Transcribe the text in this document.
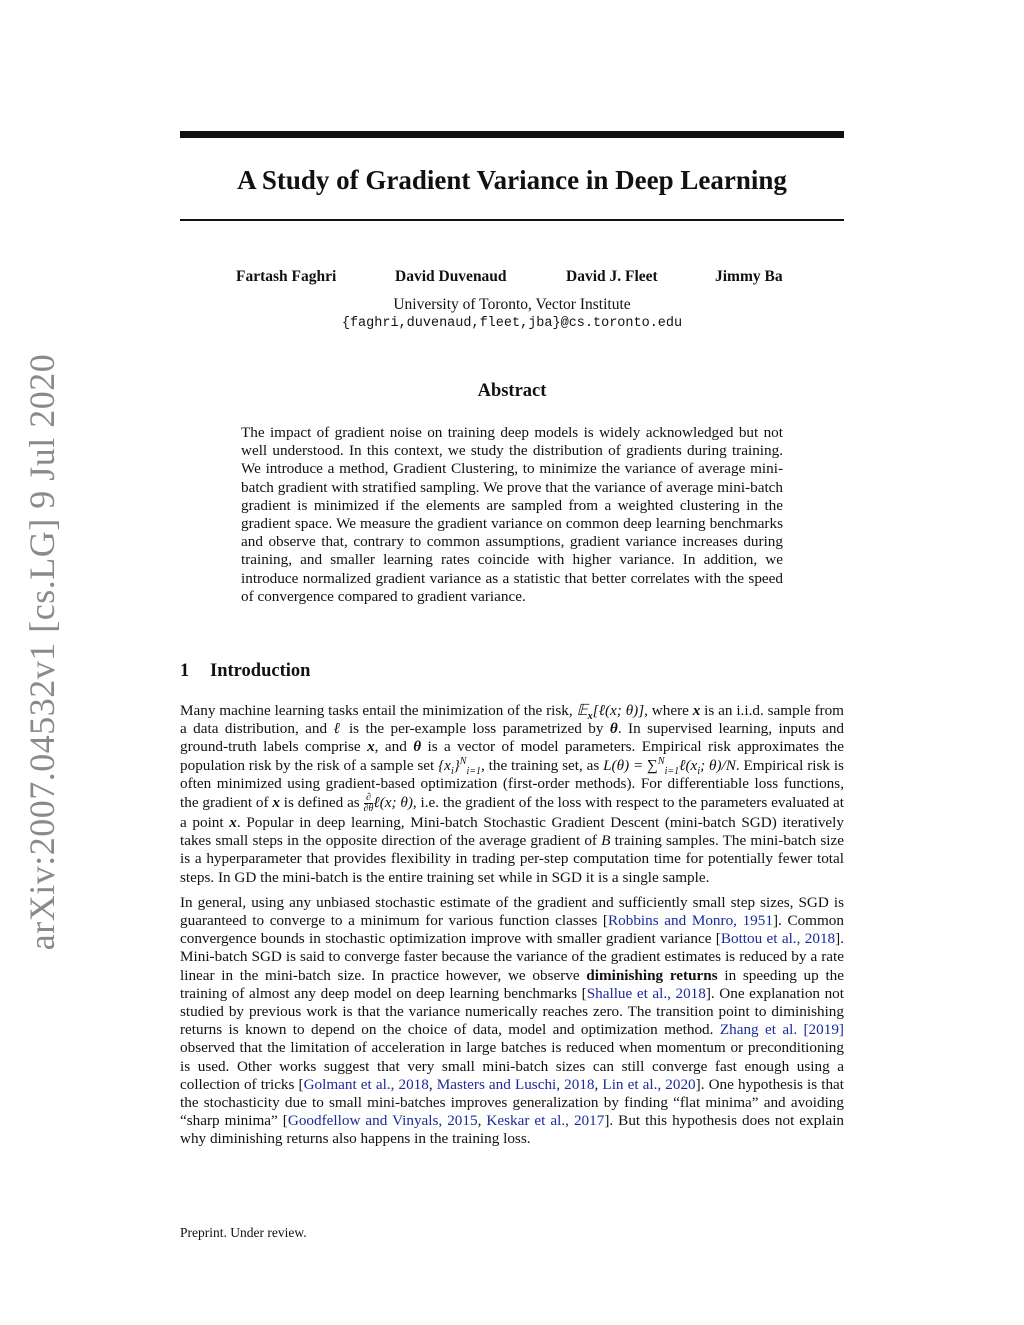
arXiv:2007.04532v1 [cs.LG] 9 Jul 2020
A Study of Gradient Variance in Deep Learning
Fartash Faghri	David Duvenaud	David J. Fleet	Jimmy Ba
University of Toronto, Vector Institute
{faghri,duvenaud,fleet,jba}@cs.toronto.edu
Abstract

The impact of gradient noise on training deep models is widely acknowledged but not well understood. In this context, we study the distribution of gradients during training. We introduce a method, Gradient Clustering, to minimize the variance of average mini-batch gradient with stratified sampling. We prove that the variance of average mini-batch gradient is minimized if the elements are sampled from a weighted clustering in the gradient space. We measure the gradient variance on common deep learning benchmarks and observe that, contrary to common assumptions, gradient variance increases during training, and smaller learning rates coincide with higher variance. In addition, we introduce normalized gradient variance as a statistic that better correlates with the speed of convergence compared to gradient variance.

1 Introduction

Many machine learning tasks entail the minimization of the risk, 𝔼$_x$[ℓ(x; θ)], where x is an i.i.d. sample from a data distribution, and ℓ is the per-example loss parametrized by θ. In supervised learning, inputs and ground-truth labels comprise x, and θ is a vector of model parameters. Empirical risk approximates the population risk by the risk of a sample set $\{x_i\}^N_{i=1}$, the training set, as $L(\theta) = \sum^N_{i=1}\ell(x_i$; θ)/N. Empirical risk is often minimized using gradient-based optimization (first-order methods). For differentiable loss functions, the gradient of x is defined as $\frac{\partial}{\partial\theta}$ ℓ(x; θ), i.e. the gradient of the loss with respect to the parameters evaluated at a point x. Popular in deep learning, Mini-batch Stochastic Gradient Descent (mini-batch SGD) iteratively takes small steps in the opposite direction of the average gradient of B training samples. The mini-batch size is a hyperparameter that provides flexibility in trading per-step computation time for potentially fewer total steps. In GD the mini-batch is the entire training set while in SGD it is a single sample.

In general, using any unbiased stochastic estimate of the gradient and sufficiently small step sizes, SGD is guaranteed to converge to a minimum for various function classes [Robbins and Monro, 1951]. Common convergence bounds in stochastic optimization improve with smaller gradient variance [Bottou et al., 2018]. Mini-batch SGD is said to converge faster because the variance of the gradient estimates is reduced by a rate linear in the mini-batch size. In practice however, we observe diminishing returns in speeding up the training of almost any deep model on deep learning benchmarks [Shallue et al., 2018]. One explanation not studied by previous work is that the variance numerically reaches zero. The transition point to diminishing returns is known to depend on the choice of data, model and optimization method. Zhang et al. [2019] observed that the limitation of acceleration in large batches is reduced when momentum or preconditioning is used. Other works suggest that very small mini-batch sizes can still converge fast enough using a collection of tricks [Golmant et al., 2018, Masters and Luschi, 2018, Lin et al., 2020]. One hypothesis is that the stochasticity due to small mini-batches improves generalization by finding “flat minima” and avoiding “sharp minima” [Goodfellow and Vinyals, 2015, Keskar et al., 2017]. But this hypothesis does not explain why diminishing returns also happens in the training loss.

Preprint. Under review.
